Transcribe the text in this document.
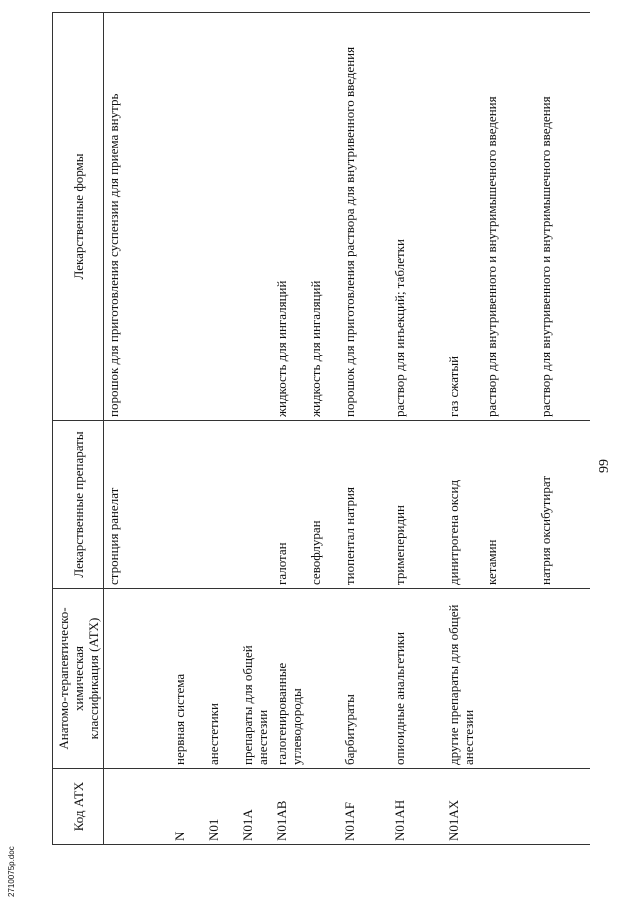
2710075р.doc
99
Код АТХ	Анатомо-терапевтическо-химическая классификация (АТХ)	Лекарственные препараты	Лекарственные формы
		стронция ранелат	порошок для приготовления суспензии для приема внутрь
N	нервная система		
N01	анестетики		
N01A	препараты для общей анестезии		
N01AB	галогенированные углеводороды	галотан	жидкость для ингаляций
		севофлуран	жидкость для ингаляций
N01AF	барбитураты	тиопентал натрия	порошок для приготовления раствора для внутривенного введения
N01AH	опиоидные анальгетики	тримеперидин	раствор для инъекций; таблетки
N01AX	другие препараты для общей анестезии	динитрогена оксид	газ сжатый
		кетамин	раствор для внутривенного и внутримышечного введения
		натрия оксибутират	раствор для внутривенного и внутримышечного введения
